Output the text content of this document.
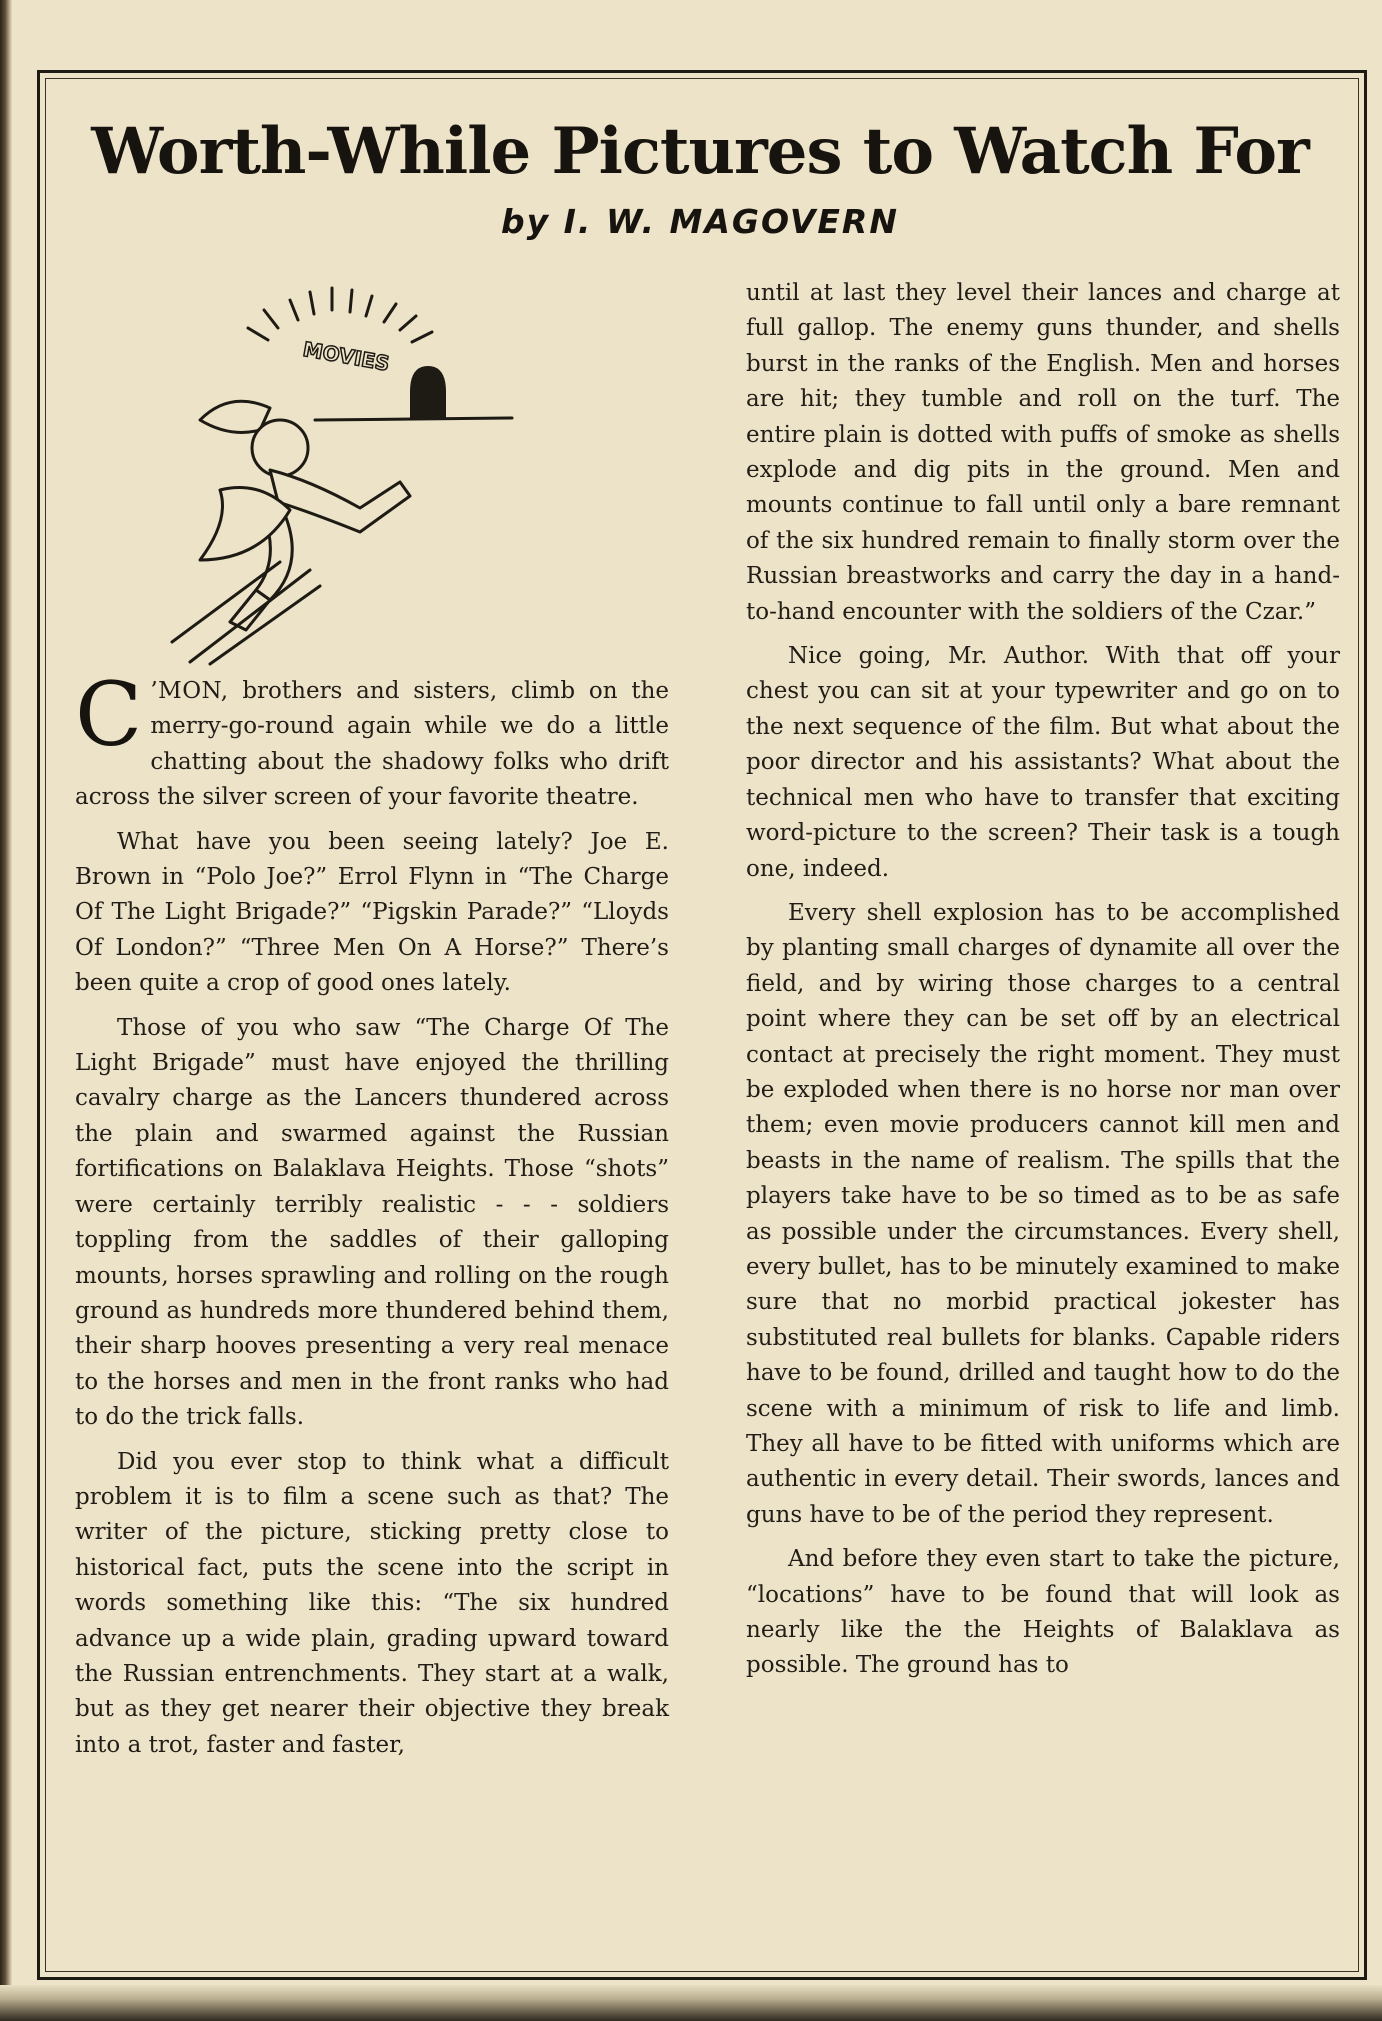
Worth-While Pictures to Watch For
by I. W. MAGOVERN
MOVIES

C ’MON, brothers and sisters, climb on the merry-go-round again while we do a little chatting about the shadowy folks who drift across the silver screen of your favorite theatre.

What have you been seeing lately? Joe E. Brown in “Polo Joe?” Errol Flynn in “The Charge Of The Light Brigade?” “Pigskin Parade?” “Lloyds Of London?” “Three Men On A Horse?” There’s been quite a crop of good ones lately.

Those of you who saw “The Charge Of The Light Brigade” must have enjoyed the thrilling cavalry charge as the Lancers thundered across the plain and swarmed against the Russian fortifications on Balaklava Heights. Those “shots” were certainly terribly realistic - - - soldiers toppling from the saddles of their galloping mounts, horses sprawling and rolling on the rough ground as hundreds more thundered behind them, their sharp hooves presenting a very real menace to the horses and men in the front ranks who had to do the trick falls.

Did you ever stop to think what a difficult problem it is to film a scene such as that? The writer of the picture, sticking pretty close to historical fact, puts the scene into the script in words something like this: “The six hundred advance up a wide plain, grading upward toward the Russian entrenchments. They start at a walk, but as they get nearer their objective they break into a trot, faster and faster,

until at last they level their lances and charge at full gallop. The enemy guns thunder, and shells burst in the ranks of the English. Men and horses are hit; they tumble and roll on the turf. The entire plain is dotted with puffs of smoke as shells explode and dig pits in the ground. Men and mounts continue to fall until only a bare remnant of the six hundred remain to finally storm over the Russian breastworks and carry the day in a hand-to-hand encounter with the soldiers of the Czar.”

Nice going, Mr. Author. With that off your chest you can sit at your typewriter and go on to the next sequence of the film. But what about the poor director and his assistants? What about the technical men who have to transfer that exciting word-picture to the screen? Their task is a tough one, indeed.

Every shell explosion has to be accomplished by planting small charges of dynamite all over the field, and by wiring those charges to a central point where they can be set off by an electrical contact at precisely the right moment. They must be exploded when there is no horse nor man over them; even movie producers cannot kill men and beasts in the name of realism. The spills that the players take have to be so timed as to be as safe as possible under the circumstances. Every shell, every bullet, has to be minutely examined to make sure that no morbid practical jokester has substituted real bullets for blanks. Capable riders have to be found, drilled and taught how to do the scene with a minimum of risk to life and limb. They all have to be fitted with uniforms which are authentic in every detail. Their swords, lances and guns have to be of the period they represent.

And before they even start to take the picture, “locations” have to be found that will look as nearly like the the Heights of Balaklava as possible. The ground has to
